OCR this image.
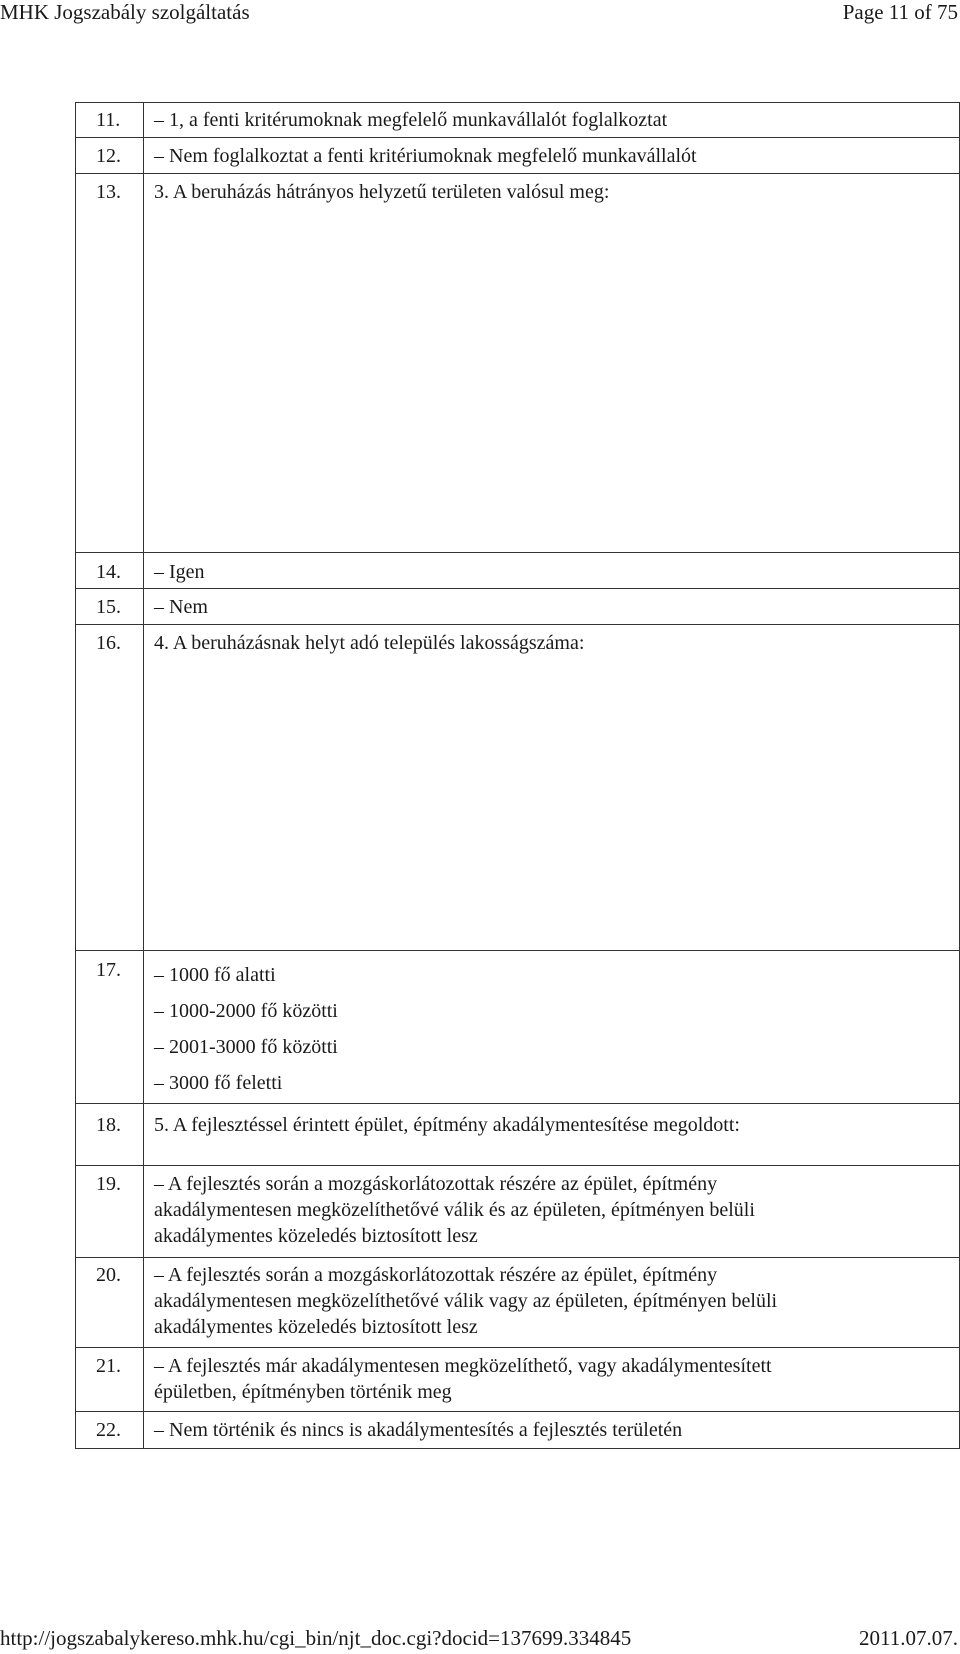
MHK Jogszabály szolgáltatás	Page 11 of 75
11.	– 1, a fenti kritérumoknak megfelelő munkavállalót foglalkoztat
12.	– Nem foglalkoztat a fenti kritériumoknak megfelelő munkavállalót
13.	3. A beruházás hátrányos helyzetű területen valósul meg:
14.	– Igen
15.	– Nem
16.	4. A beruházásnak helyt adó település lakosságszáma:
17.	– 1000 fő alatti
– 1000-2000 fő közötti
– 2001-3000 fő közötti
– 3000 fő feletti

18.	5. A fejlesztéssel érintett épület, építmény akadálymentesítése megoldott:
19.	– A fejlesztés során a mozgáskorlátozottak részére az épület, építmény
akadálymentesen megközelíthetővé válik és az épületen, építményen belüli
akadálymentes közeledés biztosított lesz

20.	– A fejlesztés során a mozgáskorlátozottak részére az épület, építmény
akadálymentesen megközelíthetővé válik vagy az épületen, építményen belüli
akadálymentes közeledés biztosított lesz

21.	– A fejlesztés már akadálymentesen megközelíthető, vagy akadálymentesített
épületben, építményben történik meg

22.	– Nem történik és nincs is akadálymentesítés a fejlesztés területén
http://jogszabalykereso.mhk.hu/cgi_bin/njt_doc.cgi?docid=137699.334845	2011.07.07.
